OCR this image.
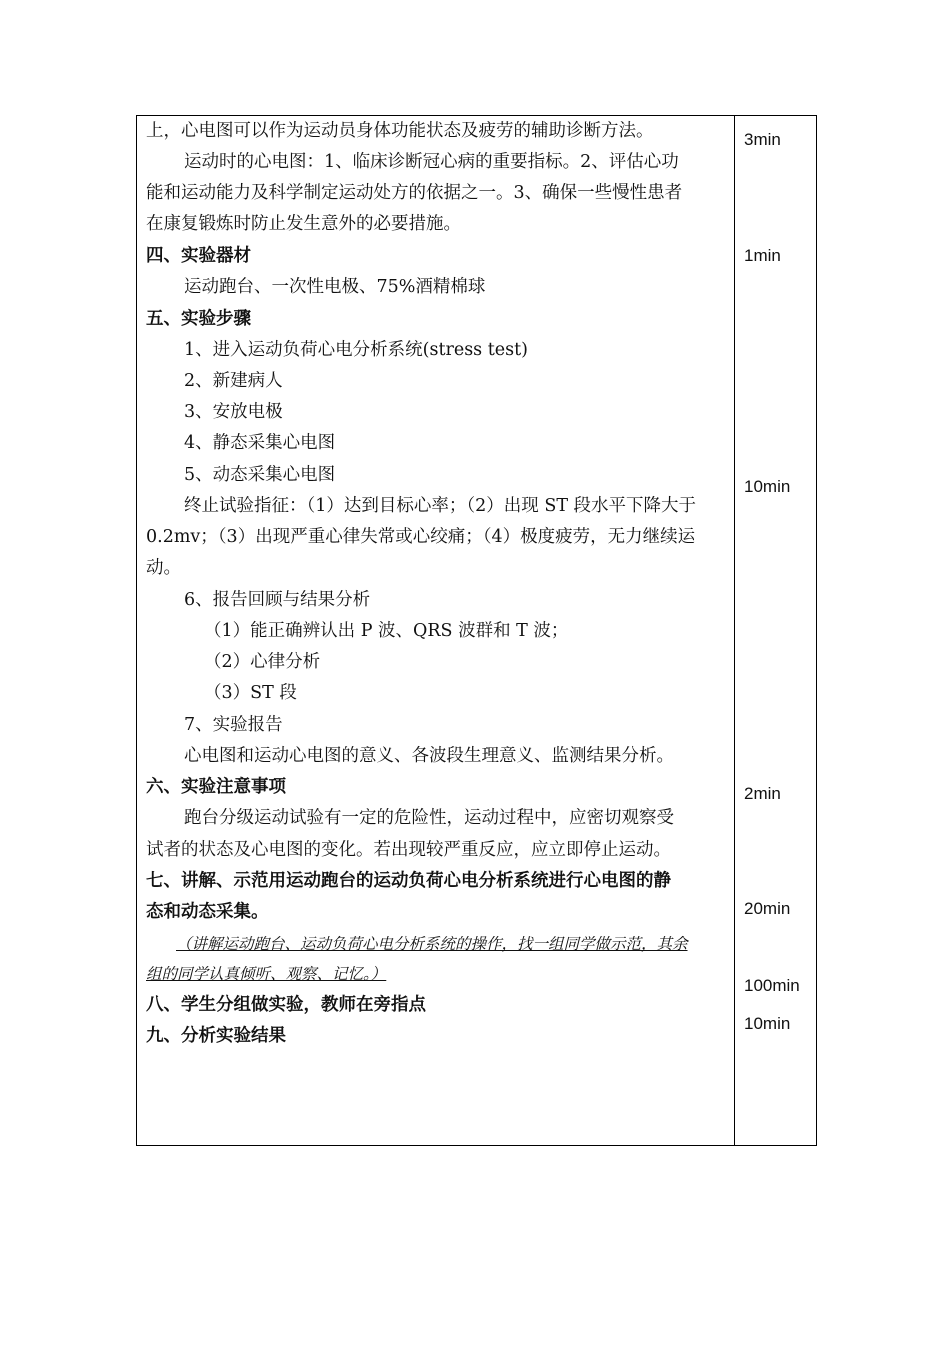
上，心电图可以作为运动员身体功能状态及疲劳的辅助诊断方法。
运动时的心电图：1、临床诊断冠心病的重要指标。2、评估心功
能和运动能力及科学制定运动处方的依据之一。3、确保一些慢性患者
在康复锻炼时防止发生意外的必要措施。
四、实验器材
运动跑台、一次性电极、75%酒精棉球
五、实验步骤
1、进入运动负荷心电分析系统(stress test)
2、新建病人
3、安放电极
4、静态采集心电图
5、动态采集心电图
终止试验指征：（1）达到目标心率；（2）出现 ST 段水平下降大于
0.2mv；（3）出现严重心律失常或心绞痛；（4）极度疲劳，无力继续运
动。
6、报告回顾与结果分析
（1）能正确辨认出 P 波、QRS 波群和 T 波；
（2）心律分析
（3）ST 段
7、实验报告
心电图和运动心电图的意义、各波段生理意义、监测结果分析。
六、实验注意事项
跑台分级运动试验有一定的危险性，运动过程中，应密切观察受
试者的状态及心电图的变化。若出现较严重反应，应立即停止运动。
七、讲解、示范用运动跑台的运动负荷心电分析系统进行心电图的静
态和动态采集。
（讲解运动跑台、运动负荷心电分析系统的操作，找一组同学做示范，其余
组的同学认真倾听、观察、记忆。）
八、学生分组做实验，教师在旁指点
九、分析实验结果
3min
1min
10min
2min
20min
100min
10min
